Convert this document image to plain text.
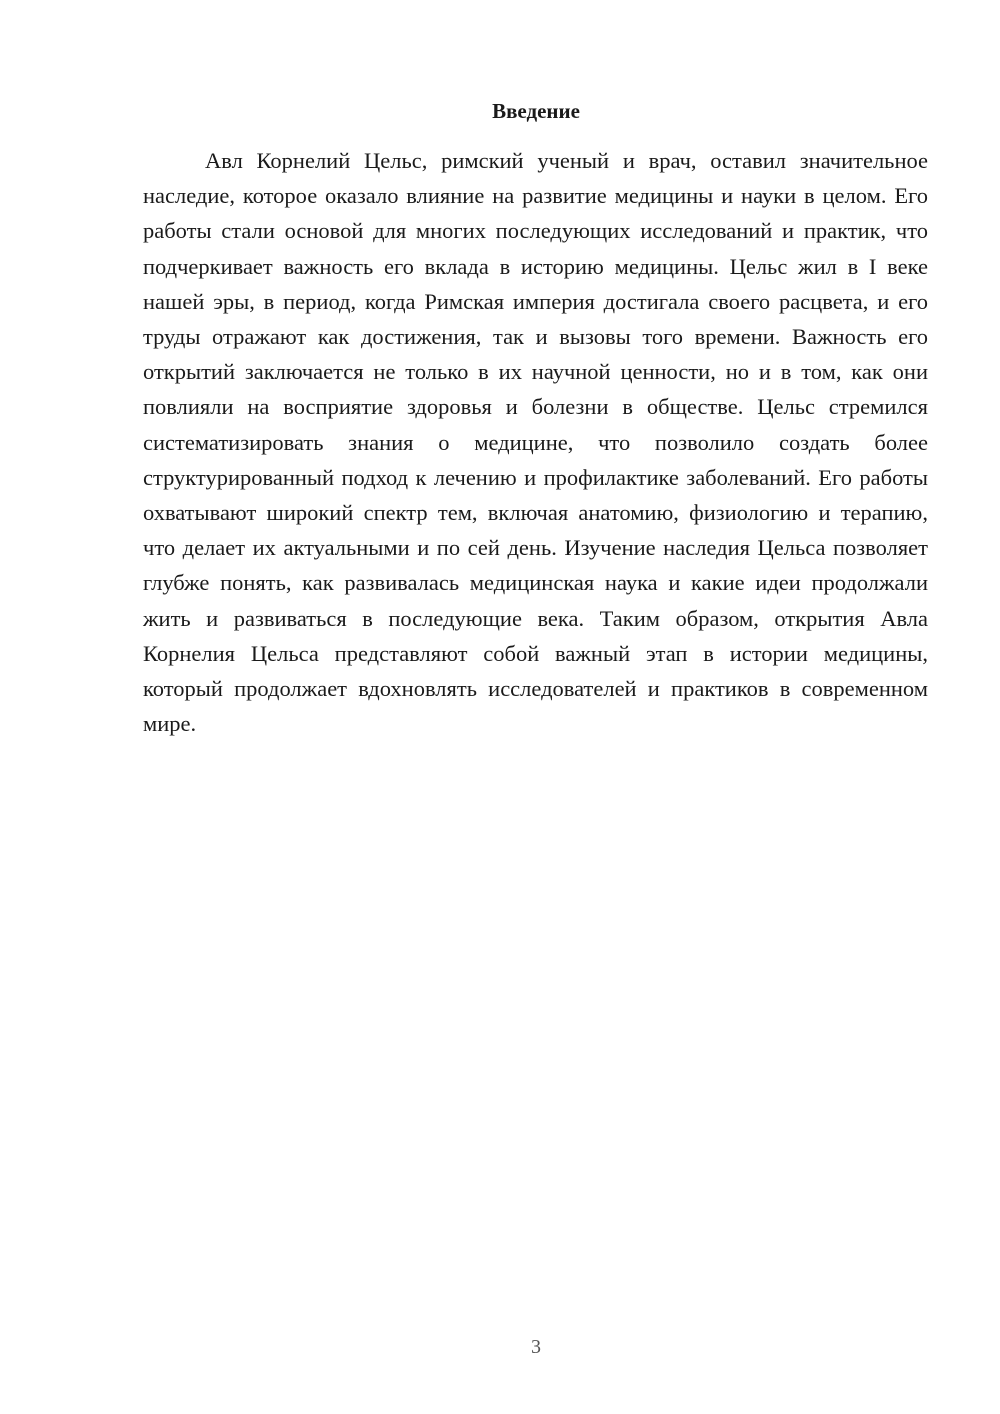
Введение

Авл Корнелий Цельс, римский ученый и врач, оставил значительное наследие, которое оказало влияние на развитие медицины и науки в целом. Его работы стали основой для многих последующих исследований и практик, что подчеркивает важность его вклада в историю медицины. Цельс жил в I веке нашей эры, в период, когда Римская империя достигала своего расцвета, и его труды отражают как достижения, так и вызовы того времени. Важность его открытий заключается не только в их научной ценности, но и в том, как они повлияли на восприятие здоровья и болезни в обществе. Цельс стремился систематизировать знания о медицине, что позволило создать более структурированный подход к лечению и профилактике заболеваний. Его работы охватывают широкий спектр тем, включая анатомию, физиологию и терапию, что делает их актуальными и по сей день. Изучение наследия Цельса позволяет глубже понять, как развивалась медицинская наука и какие идеи продолжали жить и развиваться в последующие века. Таким образом, открытия Авла Корнелия Цельса представляют собой важный этап в истории медицины, который продолжает вдохновлять исследователей и практиков в современном мире.

3
